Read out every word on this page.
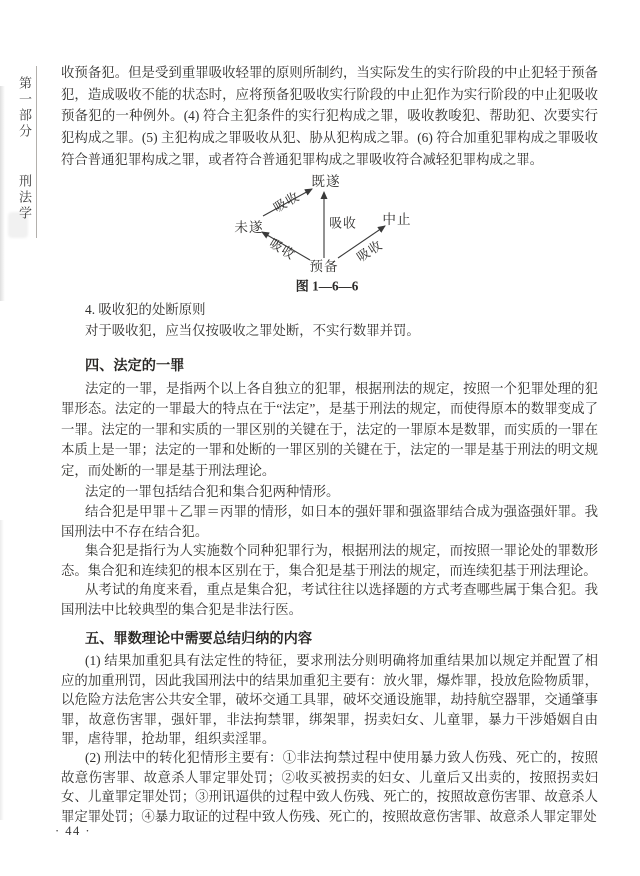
第一部分 刑法学

收预备犯。但是受到重罪吸收轻罪的原则所制约，当实际发生的实行阶段的中止犯轻于预备犯，造成吸收不能的状态时，应将预备犯吸收实行阶段的中止犯作为实行阶段的中止犯吸收预备犯的一种例外。(4) 符合主犯条件的实行犯构成之罪，吸收教唆犯、帮助犯、次要实行犯构成之罪。(5) 主犯构成之罪吸收从犯、胁从犯构成之罪。(6) 符合加重犯罪构成之罪吸收符合普通犯罪构成之罪，或者符合普通犯罪构成之罪吸收符合减轻犯罪构成之罪。

既遂
未遂
中止
预备
吸收
吸收
吸收	吸收
图 1—6—6

4. 吸收犯的处断原则

对于吸收犯，应当仅按吸收之罪处断，不实行数罪并罚。

四、法定的一罪

法定的一罪，是指两个以上各自独立的犯罪，根据刑法的规定，按照一个犯罪处理的犯罪形态。法定的一罪最大的特点在于“法定”，是基于刑法的规定，而使得原本的数罪变成了一罪。法定的一罪和实质的一罪区别的关键在于，法定的一罪原本是数罪，而实质的一罪在本质上是一罪；法定的一罪和处断的一罪区别的关键在于，法定的一罪是基于刑法的明文规定，而处断的一罪是基于刑法理论。

法定的一罪包括结合犯和集合犯两种情形。

结合犯是甲罪＋乙罪＝丙罪的情形，如日本的强奸罪和强盗罪结合成为强盗强奸罪。我国刑法中不存在结合犯。

集合犯是指行为人实施数个同种犯罪行为，根据刑法的规定，而按照一罪论处的罪数形态。集合犯和连续犯的根本区别在于，集合犯是基于刑法的规定，而连续犯基于刑法理论。

从考试的角度来看，重点是集合犯，考试往往以选择题的方式考查哪些属于集合犯。我国刑法中比较典型的集合犯是非法行医。

五、罪数理论中需要总结归纳的内容

(1) 结果加重犯具有法定性的特征，要求刑法分则明确将加重结果加以规定并配置了相应的加重刑罚，因此我国刑法中的结果加重犯主要有：放火罪，爆炸罪，投放危险物质罪，以危险方法危害公共安全罪，破坏交通工具罪，破坏交通设施罪，劫持航空器罪，交通肇事罪，故意伤害罪，强奸罪，非法拘禁罪，绑架罪，拐卖妇女、儿童罪，暴力干涉婚姻自由罪，虐待罪，抢劫罪，组织卖淫罪。

(2) 刑法中的转化犯情形主要有：①非法拘禁过程中使用暴力致人伤残、死亡的，按照故意伤害罪、故意杀人罪定罪处罚；②收买被拐卖的妇女、儿童后又出卖的，按照拐卖妇女、儿童罪定罪处罚；③刑讯逼供的过程中致人伤残、死亡的，按照故意伤害罪、故意杀人罪定罪处罚；④暴力取证的过程中致人伤残、死亡的，按照故意伤害罪、故意杀人罪定罪处

· 44 ·
